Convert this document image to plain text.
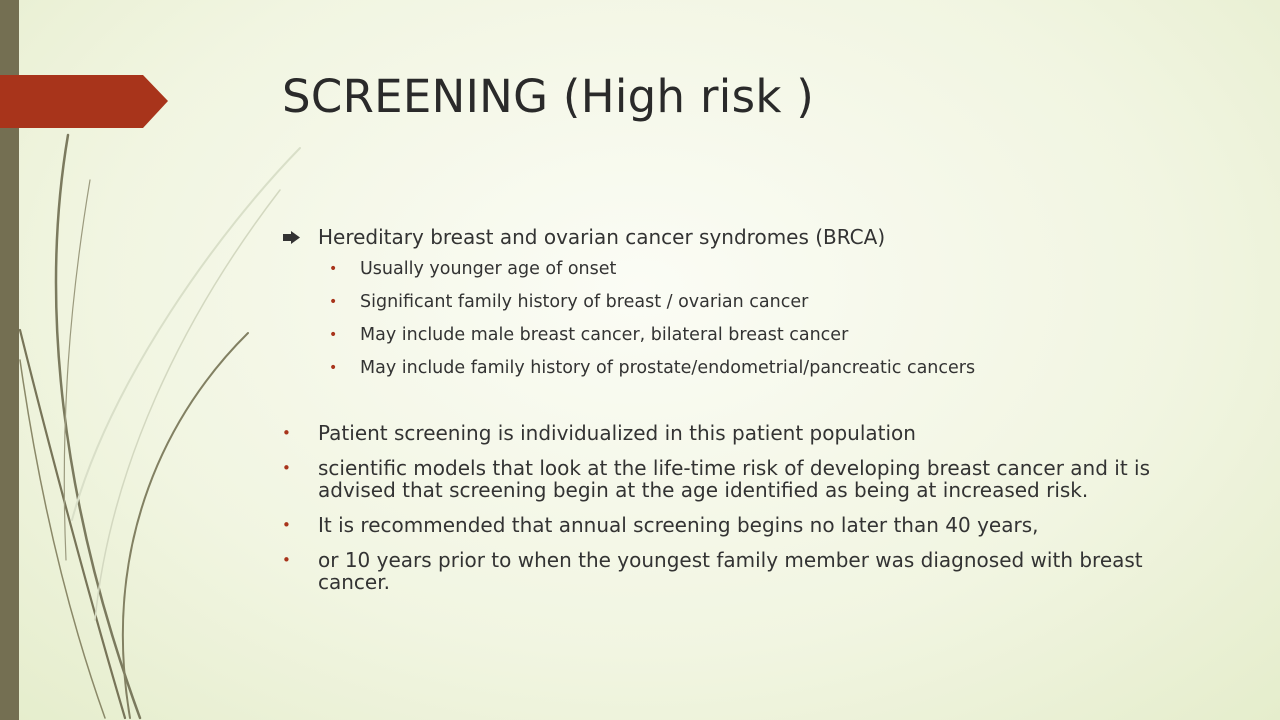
SCREENING (High risk )
Hereditary breast and ovarian cancer syndromes (BRCA)
• Usually younger age of onset
• Significant family history of breast / ovarian cancer
• May include male breast cancer, bilateral breast cancer
• May include family history of prostate/endometrial/pancreatic cancers
•	Patient screening is individualized in this patient population
•	scientific models that look at the life-time risk of developing breast cancer and it is advised that screening begin at the age identified as being at increased risk.
•	It is recommended that annual screening begins no later than 40 years,
•	or 10 years prior to when the youngest family member was diagnosed with breast cancer.
